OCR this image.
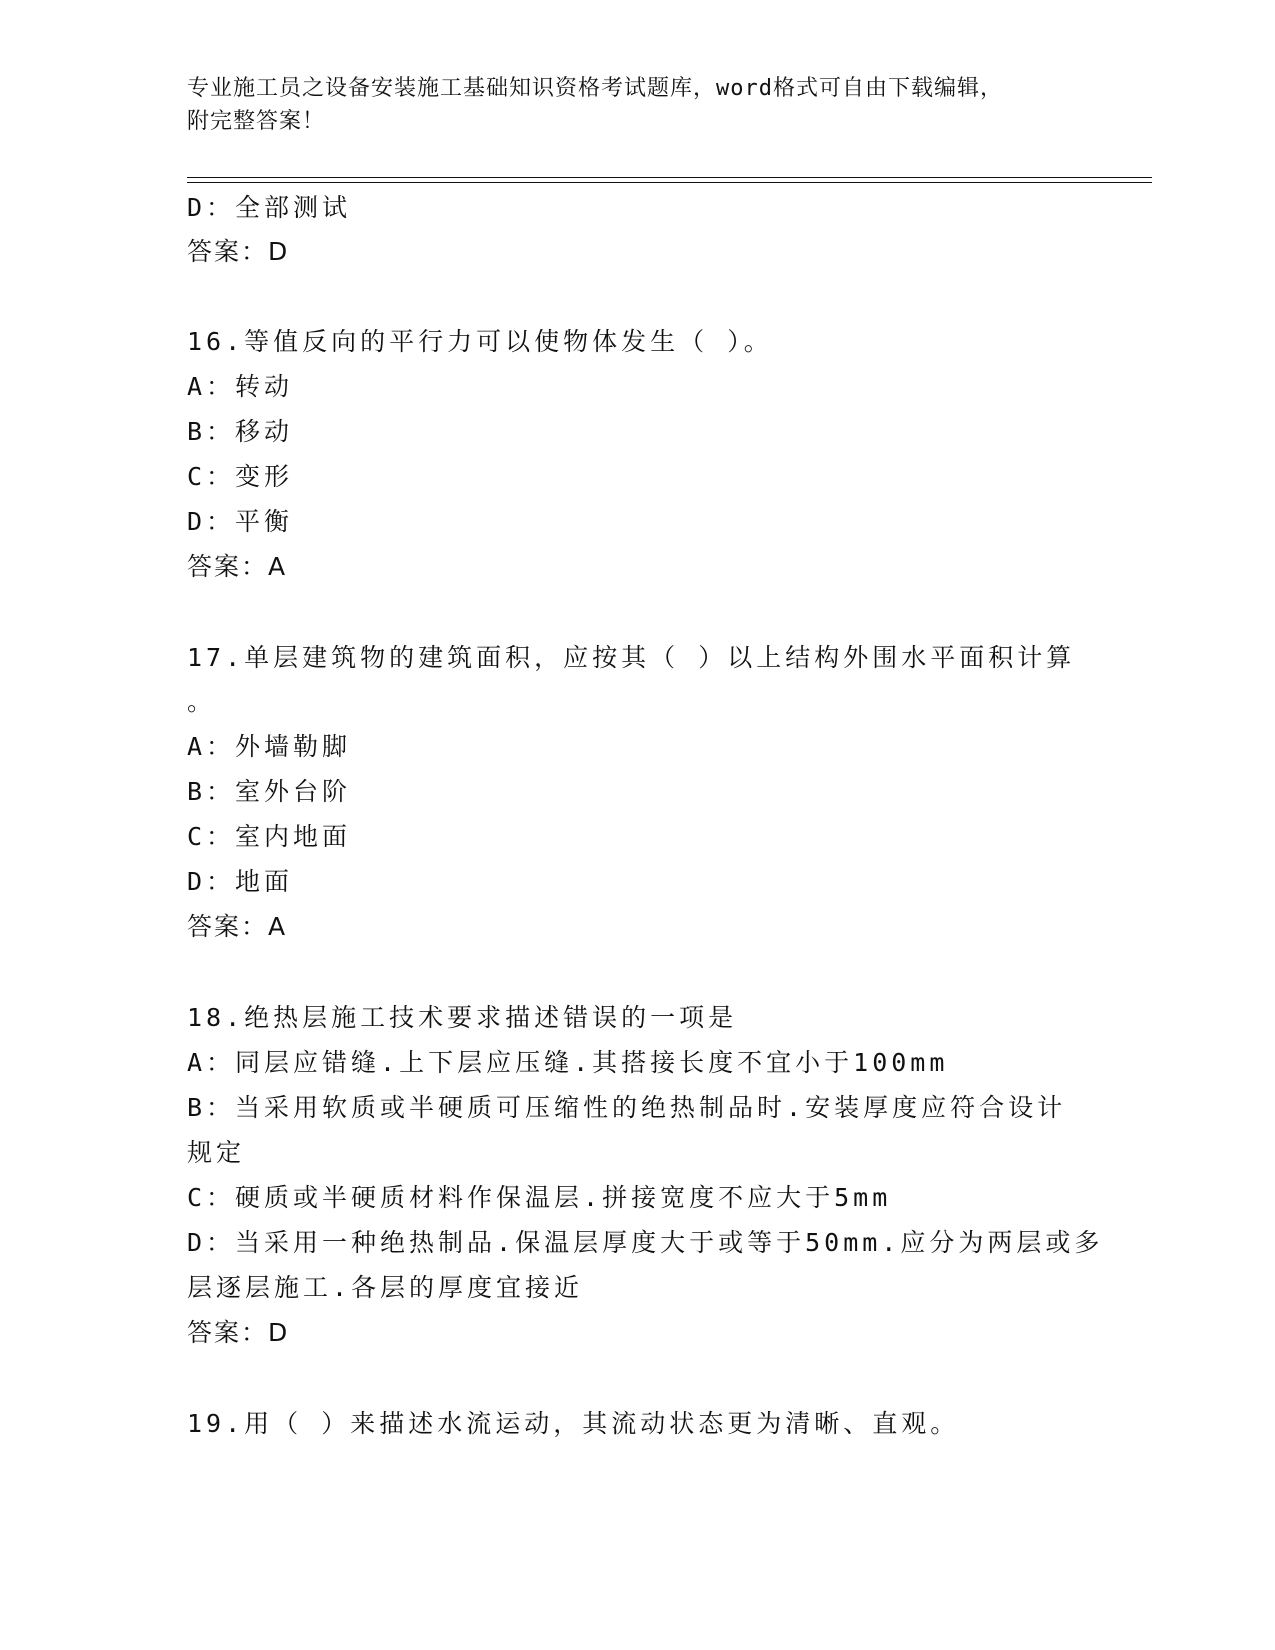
专业施工员之设备安装施工基础知识资格考试题库，word格式可自由下载编辑，
附完整答案！
D：全部测试
答案：D
16.等值反向的平行力可以使物体发生（ ）。
A：转动
B：移动
C：变形
D：平衡
答案：A
17.单层建筑物的建筑面积，应按其（ ）以上结构外围水平面积计算
。
A：外墙勒脚
B：室外台阶
C：室内地面
D：地面
答案：A
18.绝热层施工技术要求描述错误的一项是
A：同层应错缝.上下层应压缝.其搭接长度不宜小于100mm
B：当采用软质或半硬质可压缩性的绝热制品时.安装厚度应符合设计
规定
C：硬质或半硬质材料作保温层.拼接宽度不应大于5mm
D：当采用一种绝热制品.保温层厚度大于或等于50mm.应分为两层或多
层逐层施工.各层的厚度宜接近
答案：D
19.用（ ）来描述水流运动，其流动状态更为清晰、直观。
